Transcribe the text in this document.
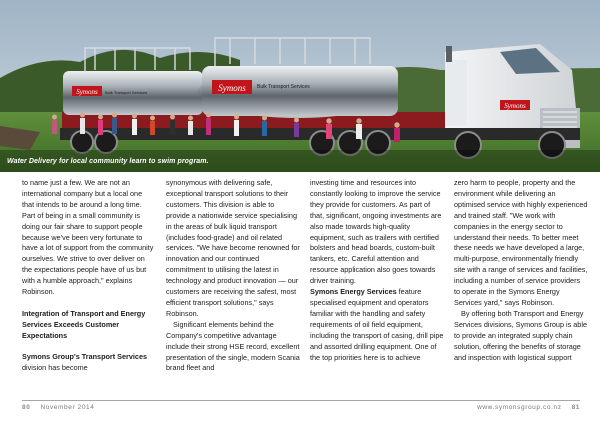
Symons Bulk Transport Services	Symons Bulk Transport Services
Symons

Water Delivery for local community learn to swim program.

to name just a few. We are not an international company but a local one that intends to be around a long time. Part of being in a small community is doing our fair share to support people because we've been very fortunate to have a lot of support from the community ourselves. We strive to over deliver on the expectations people have of us but with a humble approach," explains Robinson.

Integration of Transport and Energy Services Exceeds Customer Expectations

Symons Group's Transport Services division has become

synonymous with delivering safe, exceptional transport solutions to their customers. This division is able to provide a nationwide service specialising in the areas of bulk liquid transport (includes food-grade) and oil related services. "We have become renowned for innovation and our continued commitment to utilising the latest in technology and product innovation — our customers are receiving the safest, most efficient transport solutions," says Robinson.

Significant elements behind the Company's competitive advantage include their strong HSE record, excellent presentation of the single, modern Scania brand fleet and

investing time and resources into constantly looking to improve the service they provide for customers. As part of that, significant, ongoing investments are also made towards high-quality equipment, such as trailers with certified bolsters and head boards, custom-built tankers, etc. Careful attention and resource application also goes towards driver training.

Symons Energy Services feature specialised equipment and operators familiar with the handling and safety requirements of oil field equipment, including the transport of casing, drill pipe and assorted drilling equipment. One of the top priorities here is to achieve

zero harm to people, property and the environment while delivering an optimised service with highly experienced and trained staff. "We work with companies in the energy sector to understand their needs. To better meet these needs we have developed a large, multi-purpose, environmentally friendly site with a range of services and facilities, including a number of service providers to operate in the Symons Energy Services yard," says Robinson.

By offering both Transport and Energy Services divisions, Symons Group is able to provide an integrated supply chain solution, offering the benefits of storage and inspection with logistical support

80 November 2014	www.symonsgroup.co.nz 81
